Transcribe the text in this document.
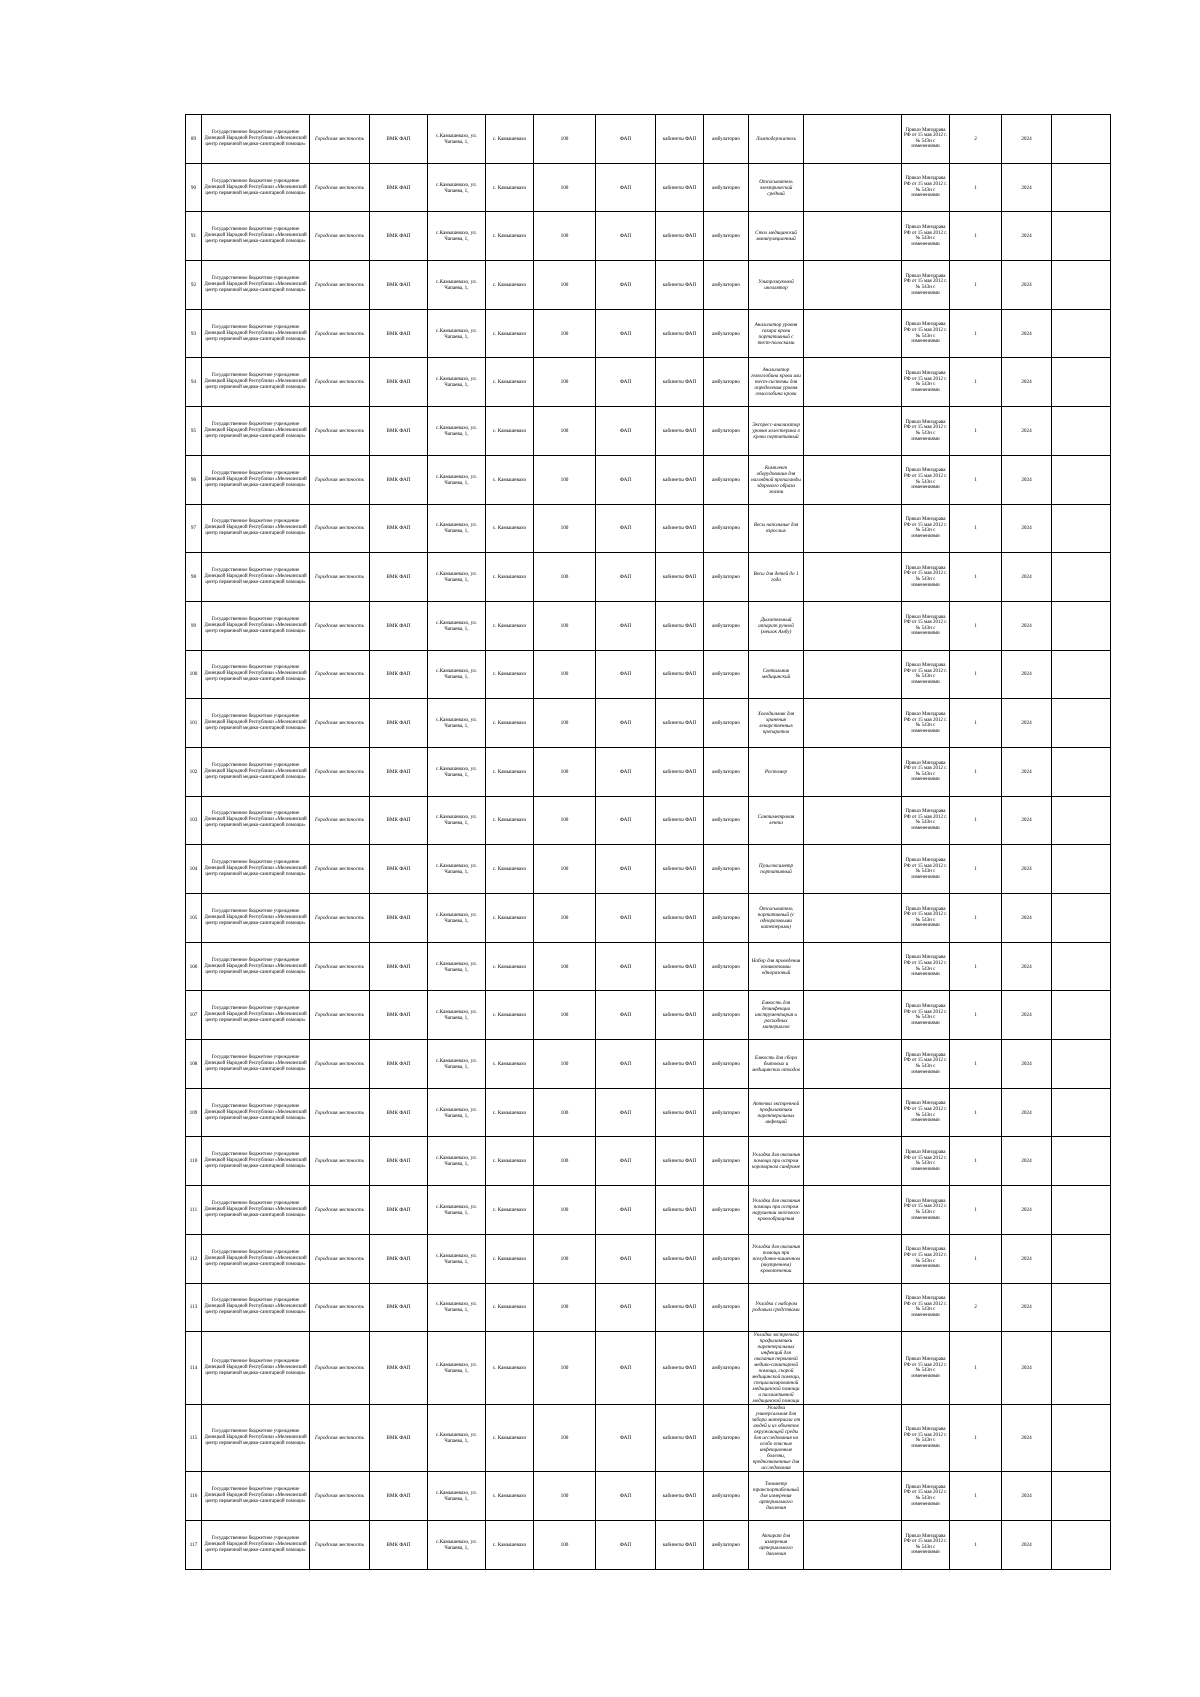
89	Государственное бюджетное учреждение Донецкой Народной Республики «Мелекинский центр первичной медико-санитарной помощи»	Городская местность	ВМК ФАП	с.Камышевахо, ул. Чапаева, 1,	с. Камышевахо	100	ФАП	кабинеты ФАП	амбулаторно	Ламподержатель		Приказ Минздрава РФ от 15 мая 2012 г. № 543н с изменениями	2	2024	
90	Государственное бюджетное учреждение Донецкой Народной Республики «Мелекинский центр первичной медико-санитарной помощи»	Городская местность	ВМК ФАП	с.Камышевахо, ул. Чапаева, 1,	с. Камышевахо	100	ФАП	кабинеты ФАП	амбулаторно	Отсасыватель электрический средний		Приказ Минздрава РФ от 15 мая 2012 г. № 543н с изменениями	1	2024	
91	Государственное бюджетное учреждение Донецкой Народной Республики «Мелекинский центр первичной медико-санитарной помощи»	Городская местность	ВМК ФАП	с.Камышевахо, ул. Чапаева, 1,	с. Камышевахо	100	ФАП	кабинеты ФАП	амбулаторно	Стол медицинский манипуляционный		Приказ Минздрава РФ от 15 мая 2012 г. № 543н с изменениями	1	2024	
92	Государственное бюджетное учреждение Донецкой Народной Республики «Мелекинский центр первичной медико-санитарной помощи»	Городская местность	ВМК ФАП	с.Камышевахо, ул. Чапаева, 1,	с. Камышевахо	100	ФАП	кабинеты ФАП	амбулаторно	Ультразвуковой ингалятор		Приказ Минздрава РФ от 15 мая 2012 г. № 543н с изменениями	1	2024	
93	Государственное бюджетное учреждение Донецкой Народной Республики «Мелекинский центр первичной медико-санитарной помощи»	Городская местность	ВМК ФАП	с.Камышевахо, ул. Чапаева, 1,	с. Камышевахо	100	ФАП	кабинеты ФАП	амбулаторно	Анализатор уровня сахара крови портативный с тест-полосками		Приказ Минздрава РФ от 15 мая 2012 г. № 543н с изменениями	1	2024	
94	Государственное бюджетное учреждение Донецкой Народной Республики «Мелекинский центр первичной медико-санитарной помощи»	Городская местность	ВМК ФАП	с.Камышевахо, ул. Чапаева, 1,	с. Камышевахо	100	ФАП	кабинеты ФАП	амбулаторно	Анализатор гемоглобина крови или тест-системы для определения уровня гемоглобина крови		Приказ Минздрава РФ от 15 мая 2012 г. № 543н с изменениями	1	2024	
95	Государственное бюджетное учреждение Донецкой Народной Республики «Мелекинский центр первичной медико-санитарной помощи»	Городская местность	ВМК ФАП	с.Камышевахо, ул. Чапаева, 1,	с. Камышевахо	100	ФАП	кабинеты ФАП	амбулаторно	Экспресс-анализатор уровня холестерина в крови портативный		Приказ Минздрава РФ от 15 мая 2012 г. № 543н с изменениями	1	2024	
96	Государственное бюджетное учреждение Донецкой Народной Республики «Мелекинский центр первичной медико-санитарной помощи»	Городская местность	ВМК ФАП	с.Камышевахо, ул. Чапаева, 1,	с. Камышевахо	100	ФАП	кабинеты ФАП	амбулаторно	Комплект оборудования для наглядной пропаганды здорового образа жизни		Приказ Минздрава РФ от 15 мая 2012 г. № 543н с изменениями	1	2024	
97	Государственное бюджетное учреждение Донецкой Народной Республики «Мелекинский центр первичной медико-санитарной помощи»	Городская местность	ВМК ФАП	с.Камышевахо, ул. Чапаева, 1,	с. Камышевахо	100	ФАП	кабинеты ФАП	амбулаторно	Весы напольные для взрослых		Приказ Минздрава РФ от 15 мая 2012 г. № 543н с изменениями	1	2024	
98	Государственное бюджетное учреждение Донецкой Народной Республики «Мелекинский центр первичной медико-санитарной помощи»	Городская местность	ВМК ФАП	с.Камышевахо, ул. Чапаева, 1,	с. Камышевахо	100	ФАП	кабинеты ФАП	амбулаторно	Весы для детей до 1 года		Приказ Минздрава РФ от 15 мая 2012 г. № 543н с изменениями	1	2024	
99	Государственное бюджетное учреждение Донецкой Народной Республики «Мелекинский центр первичной медико-санитарной помощи»	Городская местность	ВМК ФАП	с.Камышевахо, ул. Чапаева, 1,	с. Камышевахо	100	ФАП	кабинеты ФАП	амбулаторно	Дыхательный аппарат ручной (мешок Амбу)		Приказ Минздрава РФ от 15 мая 2012 г. № 543н с изменениями	1	2024	
100	Государственное бюджетное учреждение Донецкой Народной Республики «Мелекинский центр первичной медико-санитарной помощи»	Городская местность	ВМК ФАП	с.Камышевахо, ул. Чапаева, 1,	с. Камышевахо	100	ФАП	кабинеты ФАП	амбулаторно	Светильник медицинский		Приказ Минздрава РФ от 15 мая 2012 г. № 543н с изменениями	1	2024	
101	Государственное бюджетное учреждение Донецкой Народной Республики «Мелекинский центр первичной медико-санитарной помощи»	Городская местность	ВМК ФАП	с.Камышевахо, ул. Чапаева, 1,	с. Камышевахо	100	ФАП	кабинеты ФАП	амбулаторно	Холодильник для хранения лекарственных препаратов		Приказ Минздрава РФ от 15 мая 2012 г. № 543н с изменениями	1	2024	
102	Государственное бюджетное учреждение Донецкой Народной Республики «Мелекинский центр первичной медико-санитарной помощи»	Городская местность	ВМК ФАП	с.Камышевахо, ул. Чапаева, 1,	с. Камышевахо	100	ФАП	кабинеты ФАП	амбулаторно	Ростомер		Приказ Минздрава РФ от 15 мая 2012 г. № 543н с изменениями	1	2024	
103	Государственное бюджетное учреждение Донецкой Народной Республики «Мелекинский центр первичной медико-санитарной помощи»	Городская местность	ВМК ФАП	с.Камышевахо, ул. Чапаева, 1,	с. Камышевахо	100	ФАП	кабинеты ФАП	амбулаторно	Сантиметровая лента		Приказ Минздрава РФ от 15 мая 2012 г. № 543н с изменениями	1	2024	
104	Государственное бюджетное учреждение Донецкой Народной Республики «Мелекинский центр первичной медико-санитарной помощи»	Городская местность	ВМК ФАП	с.Камышевахо, ул. Чапаева, 1,	с. Камышевахо	100	ФАП	кабинеты ФАП	амбулаторно	Пульсоксиметр портативный		Приказ Минздрава РФ от 15 мая 2012 г. № 543н с изменениями	1	2024	
105	Государственное бюджетное учреждение Донецкой Народной Республики «Мелекинский центр первичной медико-санитарной помощи»	Городская местность	ВМК ФАП	с.Камышевахо, ул. Чапаева, 1,	с. Камышевахо	100	ФАП	кабинеты ФАП	амбулаторно	Отсасыватель портативный (с одноразовыми катетерами)		Приказ Минздрава РФ от 15 мая 2012 г. № 543н с изменениями	1	2024	
106	Государственное бюджетное учреждение Донецкой Народной Республики «Мелекинский центр первичной медико-санитарной помощи»	Городская местность	ВМК ФАП	с.Камышевахо, ул. Чапаева, 1,	с. Камышевахо	100	ФАП	кабинеты ФАП	амбулаторно	Набор для проведения коникотомии одноразовый		Приказ Минздрава РФ от 15 мая 2012 г. № 543н с изменениями	1	2024	
107	Государственное бюджетное учреждение Донецкой Народной Республики «Мелекинский центр первичной медико-санитарной помощи»	Городская местность	ВМК ФАП	с.Камышевахо, ул. Чапаева, 1,	с. Камышевахо	100	ФАП	кабинеты ФАП	амбулаторно	Емкость для дезинфекции инструментария и расходных материалов		Приказ Минздрава РФ от 15 мая 2012 г. № 543н с изменениями	1	2024	
108	Государственное бюджетное учреждение Донецкой Народной Республики «Мелекинский центр первичной медико-санитарной помощи»	Городская местность	ВМК ФАП	с.Камышевахо, ул. Чапаева, 1,	с. Камышевахо	100	ФАП	кабинеты ФАП	амбулаторно	Емкость для сбора бытовых и медицинских отходов		Приказ Минздрава РФ от 15 мая 2012 г. № 543н с изменениями	1	2024	
109	Государственное бюджетное учреждение Донецкой Народной Республики «Мелекинский центр первичной медико-санитарной помощи»	Городская местность	ВМК ФАП	с.Камышевахо, ул. Чапаева, 1,	с. Камышевахо	100	ФАП	кабинеты ФАП	амбулаторно	Аптечка экстренной профилактики парентеральных инфекций		Приказ Минздрава РФ от 15 мая 2012 г. № 543н с изменениями	1	2024	
110	Государственное бюджетное учреждение Донецкой Народной Республики «Мелекинский центр первичной медико-санитарной помощи»	Городская местность	ВМК ФАП	с.Камышевахо, ул. Чапаева, 1,	с. Камышевахо	100	ФАП	кабинеты ФАП	амбулаторно	Укладка для оказания помощи при остром коронарном синдроме		Приказ Минздрава РФ от 15 мая 2012 г. № 543н с изменениями	1	2024	
111	Государственное бюджетное учреждение Донецкой Народной Республики «Мелекинский центр первичной медико-санитарной помощи»	Городская местность	ВМК ФАП	с.Камышевахо, ул. Чапаева, 1,	с. Камышевахо	100	ФАП	кабинеты ФАП	амбулаторно	Укладка для оказания помощи при остром нарушении мозгового кровообращения		Приказ Минздрава РФ от 15 мая 2012 г. № 543н с изменениями	1	2024	
112	Государственное бюджетное учреждение Донецкой Народной Республики «Мелекинский центр первичной медико-санитарной помощи»	Городская местность	ВМК ФАП	с.Камышевахо, ул. Чапаева, 1,	с. Камышевахо	100	ФАП	кабинеты ФАП	амбулаторно	Укладка для оказания помощи при желудочно-кишечном (внутреннем) кровотечении		Приказ Минздрава РФ от 15 мая 2012 г. № 543н с изменениями	1	2024	
113	Государственное бюджетное учреждение Донецкой Народной Республики «Мелекинский центр первичной медико-санитарной помощи»	Городская местность	ВМК ФАП	с.Камышевахо, ул. Чапаева, 1,	с. Камышевахо	100	ФАП	кабинеты ФАП	амбулаторно	Укладка с набором родовым средствами		Приказ Минздрава РФ от 15 мая 2012 г. № 543н с изменениями	2	2024	
114	Государственное бюджетное учреждение Донецкой Народной Республики «Мелекинский центр первичной медико-санитарной помощи»	Городская местность	ВМК ФАП	с.Камышевахо, ул. Чапаева, 1,	с. Камышевахо	100	ФАП	кабинеты ФАП	амбулаторно	Укладка экстренной профилактики парентеральных инфекций для оказания первичной медико-санитарной помощи, скорой медицинской помощи, специализированной медицинской помощи и паллиативной медицинской помощи		Приказ Минздрава РФ от 15 мая 2012 г. № 543н с изменениями	1	2024	
115	Государственное бюджетное учреждение Донецкой Народной Республики «Мелекинский центр первичной медико-санитарной помощи»	Городская местность	ВМК ФАП	с.Камышевахо, ул. Чапаева, 1,	с. Камышевахо	100	ФАП	кабинеты ФАП	амбулаторно	Укладка универсальная для забора материала от людей и из объектов окружающей среды для исследования на особо опасные инфекционные болезни, предназначенные для исследования		Приказ Минздрава РФ от 15 мая 2012 г. № 543н с изменениями	1	2024	
116	Государственное бюджетное учреждение Донецкой Народной Республики «Мелекинский центр первичной медико-санитарной помощи»	Городская местность	ВМК ФАП	с.Камышевахо, ул. Чапаева, 1,	с. Камышевахо	100	ФАП	кабинеты ФАП	амбулаторно	Тонометр транспортабельный для измерения артериального давления		Приказ Минздрава РФ от 15 мая 2012 г. № 543н с изменениями	1	2024	
117	Государственное бюджетное учреждение Донецкой Народной Республики «Мелекинский центр первичной медико-санитарной помощи»	Городская местность	ВМК ФАП	с.Камышевахо, ул. Чапаева, 1,	с. Камышевахо	100	ФАП	кабинеты ФАП	амбулаторно	Аппарат для измерения артериального давления		Приказ Минздрава РФ от 15 мая 2012 г. № 543н с изменениями	1	2024	
